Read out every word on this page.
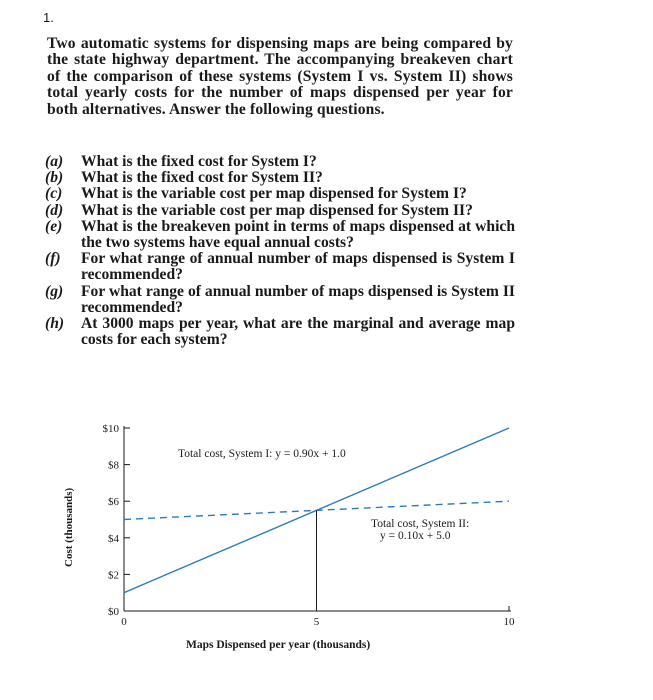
1.
Two automatic systems for dispensing maps are being compared by the state highway department. The accompanying breakeven chart of the comparison of these systems (System I vs. System II) shows total yearly costs for the number of maps dispensed per year for both alternatives. Answer the following questions.
(a)	What is the fixed cost for System I?
(b)	What is the fixed cost for System II?
(c)	What is the variable cost per map dispensed for System I?
(d)	What is the variable cost per map dispensed for System II?
(e)	What is the breakeven point in terms of maps dispensed at which the two systems have equal annual costs?
(f)	For what range of annual number of maps dispensed is System I recommended?
(g)	For what range of annual number of maps dispensed is System II recommended?
(h)	At 3000 maps per year, what are the marginal and average map costs for each system?
$0
$2
$4
$6
$8
$10
0	5	10
Total cost, System I: y = 0.90x + 1.0
Total cost, System II:
y = 0.10x + 5.0
Maps Dispensed per year (thousands)
Cost (thousands)
